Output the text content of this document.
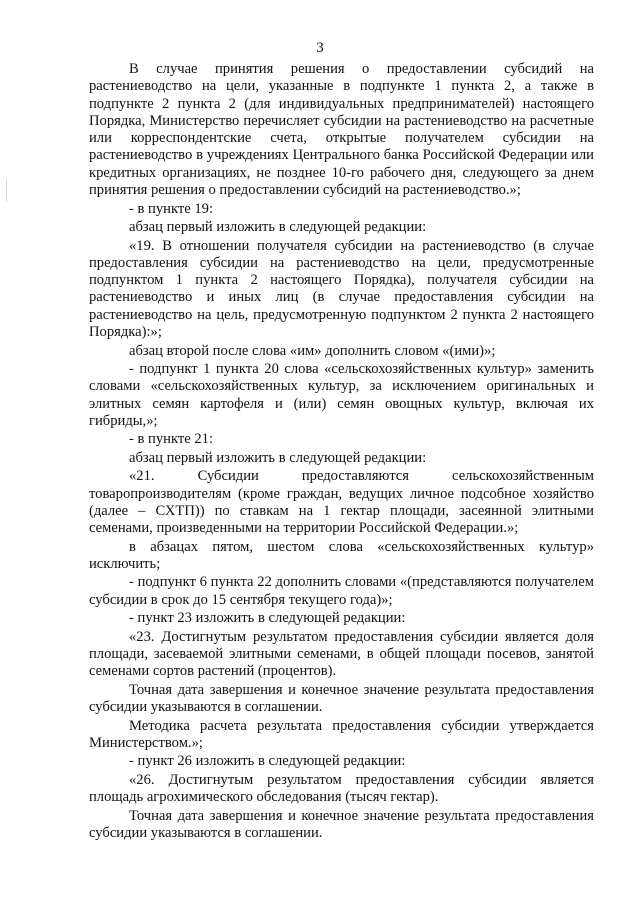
3

В случае принятия решения о предоставлении субсидий на растениеводство на цели, указанные в подпункте 1 пункта 2, а также в подпункте 2 пункта 2 (для индивидуальных предпринимателей) настоящего Порядка, Министерство перечисляет субсидии на растениеводство на расчетные или корреспондентские счета, открытые получателем субсидии на растениеводство в учреждениях Центрального банка Российской Федерации или кредитных организациях, не позднее 10-го рабочего дня, следующего за днем принятия решения о предоставлении субсидий на растениеводство.»;

- в пункте 19:

абзац первый изложить в следующей редакции:

«19. В отношении получателя субсидии на растениеводство (в случае предоставления субсидии на растениеводство на цели, предусмотренные подпунктом 1 пункта 2 настоящего Порядка), получателя субсидии на растениеводство и иных лиц (в случае предоставления субсидии на растениеводство на цель, предусмотренную подпунктом 2 пункта 2 настоящего Порядка):»;

абзац второй после слова «им» дополнить словом «(ими)»;

- подпункт 1 пункта 20 слова «сельскохозяйственных культур» заменить словами «сельскохозяйственных культур, за исключением оригинальных и элитных семян картофеля и (или) семян овощных культур, включая их гибриды,»;

- в пункте 21:

абзац первый изложить в следующей редакции:

«21. Субсидии предоставляются сельскохозяйственным товаропроизводителям (кроме граждан, ведущих личное подсобное хозяйство (далее – СХТП)) по ставкам на 1 гектар площади, засеянной элитными семенами, произведенными на территории Российской Федерации.»;

в абзацах пятом, шестом слова «сельскохозяйственных культур» исключить;

- подпункт 6 пункта 22 дополнить словами «(представляются получателем субсидии в срок до 15 сентября текущего года)»;

- пункт 23 изложить в следующей редакции:

«23. Достигнутым результатом предоставления субсидии является доля площади, засеваемой элитными семенами, в общей площади посевов, занятой семенами сортов растений (процентов).

Точная дата завершения и конечное значение результата предоставления субсидии указываются в соглашении.

Методика расчета результата предоставления субсидии утверждается Министерством.»;

- пункт 26 изложить в следующей редакции:

«26. Достигнутым результатом предоставления субсидии является площадь агрохимического обследования (тысяч гектар).

Точная дата завершения и конечное значение результата предоставления субсидии указываются в соглашении.
